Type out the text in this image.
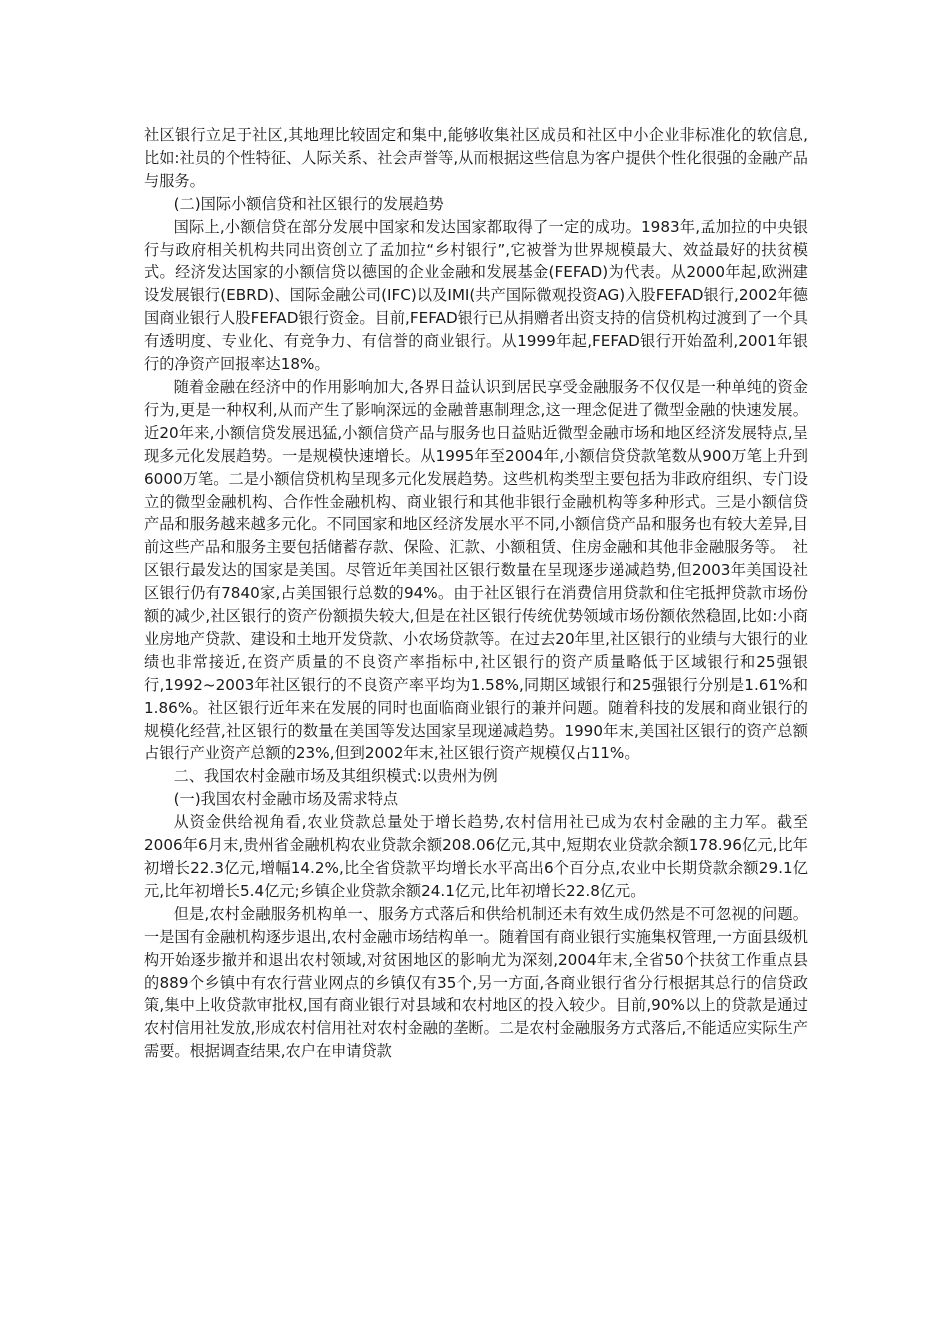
社区银行立足于社区,其地理比较固定和集中,能够收集社区成员和社区中小企业非标准化的软信息,比如:社员的个性特征、人际关系、社会声誉等,从而根据这些信息为客户提供个性化很强的金融产品与服务。

(二)国际小额信贷和社区银行的发展趋势

国际上,小额信贷在部分发展中国家和发达国家都取得了一定的成功。1983年,孟加拉的中央银行与政府相关机构共同出资创立了孟加拉“乡村银行”,它被誉为世界规模最大、效益最好的扶贫模式。经济发达国家的小额信贷以德国的企业金融和发展基金(FEFAD)为代表。从2000年起,欧洲建设发展银行(EBRD)、国际金融公司(IFC)以及IMI(共产国际微观投资AG)入股FEFAD银行,2002年德国商业银行人股FEFAD银行资金。目前,FEFAD银行已从捐赠者出资支持的信贷机构过渡到了一个具有透明度、专业化、有竞争力、有信誉的商业银行。从1999年起,FEFAD银行开始盈利,2001年银行的净资产回报率达18%。

随着金融在经济中的作用影响加大,各界日益认识到居民享受金融服务不仅仅是一种单纯的资金行为,更是一种权利,从而产生了影响深远的金融普惠制理念,这一理念促进了微型金融的快速发展。近20年来,小额信贷发展迅猛,小额信贷产品与服务也日益贴近微型金融市场和地区经济发展特点,呈现多元化发展趋势。一是规模快速增长。从1995年至2004年,小额信贷贷款笔数从900万笔上升到6000万笔。二是小额信贷机构呈现多元化发展趋势。这些机构类型主要包括为非政府组织、专门设立的微型金融机构、合作性金融机构、商业银行和其他非银行金融机构等多种形式。三是小额信贷产品和服务越来越多元化。不同国家和地区经济发展水平不同,小额信贷产品和服务也有较大差异,目前这些产品和服务主要包括储蓄存款、保险、汇款、小额租赁、住房金融和其他非金融服务等。　社区银行最发达的国家是美国。尽管近年美国社区银行数量在呈现逐步递减趋势,但2003年美国设社区银行仍有7840家,占美国银行总数的94%。由于社区银行在消费信用贷款和住宅抵押贷款市场份额的减少,社区银行的资产份额损失较大,但是在社区银行传统优势领域市场份额依然稳固,比如:小商业房地产贷款、建设和土地开发贷款、小农场贷款等。在过去20年里,社区银行的业绩与大银行的业绩也非常接近,在资产质量的不良资产率指标中,社区银行的资产质量略低于区域银行和25强银行,1992~2003年社区银行的不良资产率平均为1.58%,同期区域银行和25强银行分别是1.61%和1.86%。社区银行近年来在发展的同时也面临商业银行的兼并问题。随着科技的发展和商业银行的规模化经营,社区银行的数量在美国等发达国家呈现递减趋势。1990年末,美国社区银行的资产总额占银行产业资产总额的23%,但到2002年末,社区银行资产规模仅占11%。

二、我国农村金融市场及其组织模式:以贵州为例

(一)我国农村金融市场及需求特点

从资金供给视角看,农业贷款总量处于增长趋势,农村信用社已成为农村金融的主力军。截至2006年6月末,贵州省金融机构农业贷款余额208.06亿元,其中,短期农业贷款余额178.96亿元,比年初增长22.3亿元,增幅14.2%,比全省贷款平均增长水平高出6个百分点,农业中长期贷款余额29.1亿元,比年初增长5.4亿元;乡镇企业贷款余额24.1亿元,比年初增长22.8亿元。

但是,农村金融服务机构单一、服务方式落后和供给机制还未有效生成仍然是不可忽视的问题。一是国有金融机构逐步退出,农村金融市场结构单一。随着国有商业银行实施集权管理,一方面县级机构开始逐步撤并和退出农村领域,对贫困地区的影响尤为深刻,2004年末,全省50个扶贫工作重点县的889个乡镇中有农行营业网点的乡镇仅有35个,另一方面,各商业银行省分行根据其总行的信贷政策,集中上收贷款审批权,国有商业银行对县域和农村地区的投入较少。目前,90%以上的贷款是通过农村信用社发放,形成农村信用社对农村金融的垄断。二是农村金融服务方式落后,不能适应实际生产需要。根据调查结果,农户在申请贷款
